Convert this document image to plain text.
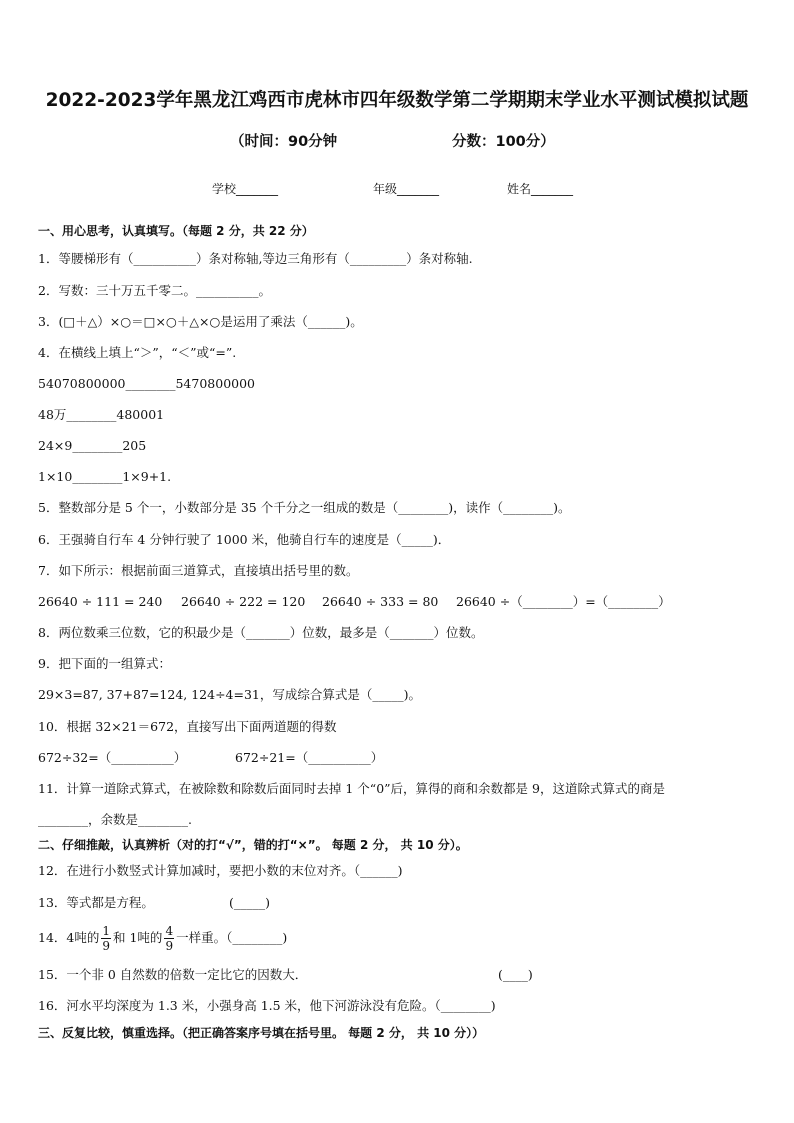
2022-2023学年黑龙江鸡西市虎林市四年级数学第二学期期末学业水平测试模拟试题
（时间：90分钟	分数：100分）
学校_______	年级_______	姓名_______
一、用心思考，认真填写。（每题 2 分，共 22 分）
1．等腰梯形有（__________）条对称轴,等边三角形有（_________）条对称轴.
2．写数：三十万五千零二。__________。
3．(□＋△）×○＝□×○＋△×○是运用了乘法（______)。
4．在横线上填上“＞”，“＜”或“=”.
54070800000________5470800000
48万________480001
24×9________205
1×10________1×9+1.
5．整数部分是 5 个一，小数部分是 35 个千分之一组成的数是（________)，读作（________)。
6．王强骑自行车 4 分钟行驶了 1000 米，他骑自行车的速度是（_____)．
7．如下所示：根据前面三道算式，直接填出括号里的数。
26640 ÷ 111 = 240 26640 ÷ 222 = 120 26640 ÷ 333 = 80 26640 ÷（________）=（________）
8．两位数乘三位数，它的积最少是（_______）位数，最多是（_______）位数。
9．把下面的一组算式：
29×3=87, 37+87=124, 124÷4=31，写成综合算式是（_____)。
10．根据 32×21＝672，直接写出下面两道题的得数
672÷32=（__________）	672÷21=（__________）
11．计算一道除式算式，在被除数和除数后面同时去掉 1 个“0”后，算得的商和余数都是 9，这道除式算式的商是
________，余数是________.
二、仔细推敲，认真辨析（对的打“√”，错的打“×”。 每题 2 分， 共 10 分）。
12．在进行小数竖式计算加减时，要把小数的末位对齐。（______)
13．等式都是方程。	(_____)
14．4吨的 $\frac{1}{9}$ 和 1吨的 $\frac{4}{9}$ 一样重。（________)
15．一个非 0 自然数的倍数一定比它的因数大．	(____)
16．河水平均深度为 1.3 米，小强身高 1.5 米，他下河游泳没有危险。（________)
三、反复比较，慎重选择。（把正确答案序号填在括号里。 每题 2 分， 共 10 分））
